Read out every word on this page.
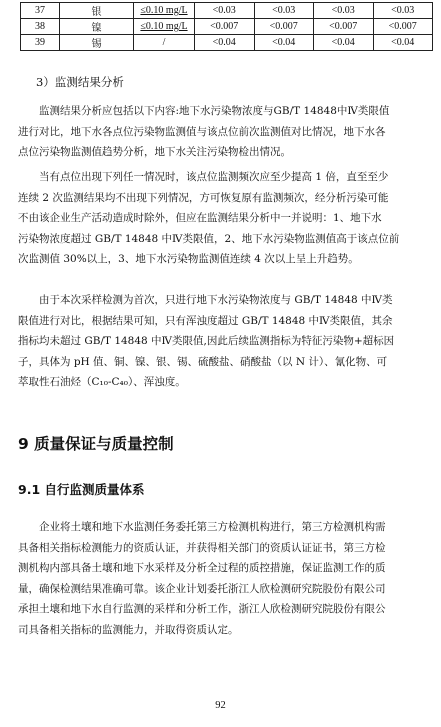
37	银	≤0.10 mg/L	<0.03	<0.03	<0.03	<0.03
38	镍	≤0.10 mg/L	<0.007	<0.007	<0.007	<0.007
39	锡	/	<0.04	<0.04	<0.04	<0.04
3）监测结果分析
监测结果分析应包括以下内容:地下水污染物浓度与GB/T 14848中Ⅳ类限值
进行对比，地下水各点位污染物监测值与该点位前次监测值对比情况，地下水各
点位污染物监测值趋势分析，地下水关注污染物检出情况。
当有点位出现下列任一情况时，该点位监测频次应至少提高 1 倍，直至至少
连续 2 次监测结果均不出现下列情况，方可恢复原有监测频次，经分析污染可能
不由该企业生产活动造成时除外，但应在监测结果分析中一并说明：1、地下水
污染物浓度超过 GB/T 14848 中Ⅳ类限值，2、地下水污染物监测值高于该点位前
次监测值 30%以上，3、地下水污染物监测值连续 4 次以上呈上升趋势。
由于本次采样检测为首次，只进行地下水污染物浓度与 GB/T 14848 中Ⅳ类
限值进行对比，根据结果可知，只有浑浊度超过 GB/T 14848 中Ⅳ类限值，其余
指标均未超过 GB/T 14848 中Ⅳ类限值,因此后续监测指标为特征污染物+超标因
子，具体为 pH 值、铜、镍、银、锡、硫酸盐、硝酸盐（以 N 计）、氰化物、可
萃取性石油烃（C₁₀-C₄₀）、浑浊度。
9 质量保证与质量控制
9.1 自行监测质量体系
企业将土壤和地下水监测任务委托第三方检测机构进行，第三方检测机构需
具备相关指标检测能力的资质认证，并获得相关部门的资质认证证书，第三方检
测机构内部具备土壤和地下水采样及分析全过程的质控措施，保证监测工作的质
量，确保检测结果准确可靠。该企业计划委托浙江人欣检测研究院股份有限公司
承担土壤和地下水自行监测的采样和分析工作，浙江人欣检测研究院股份有限公
司具备相关指标的监测能力，并取得资质认定。
92
